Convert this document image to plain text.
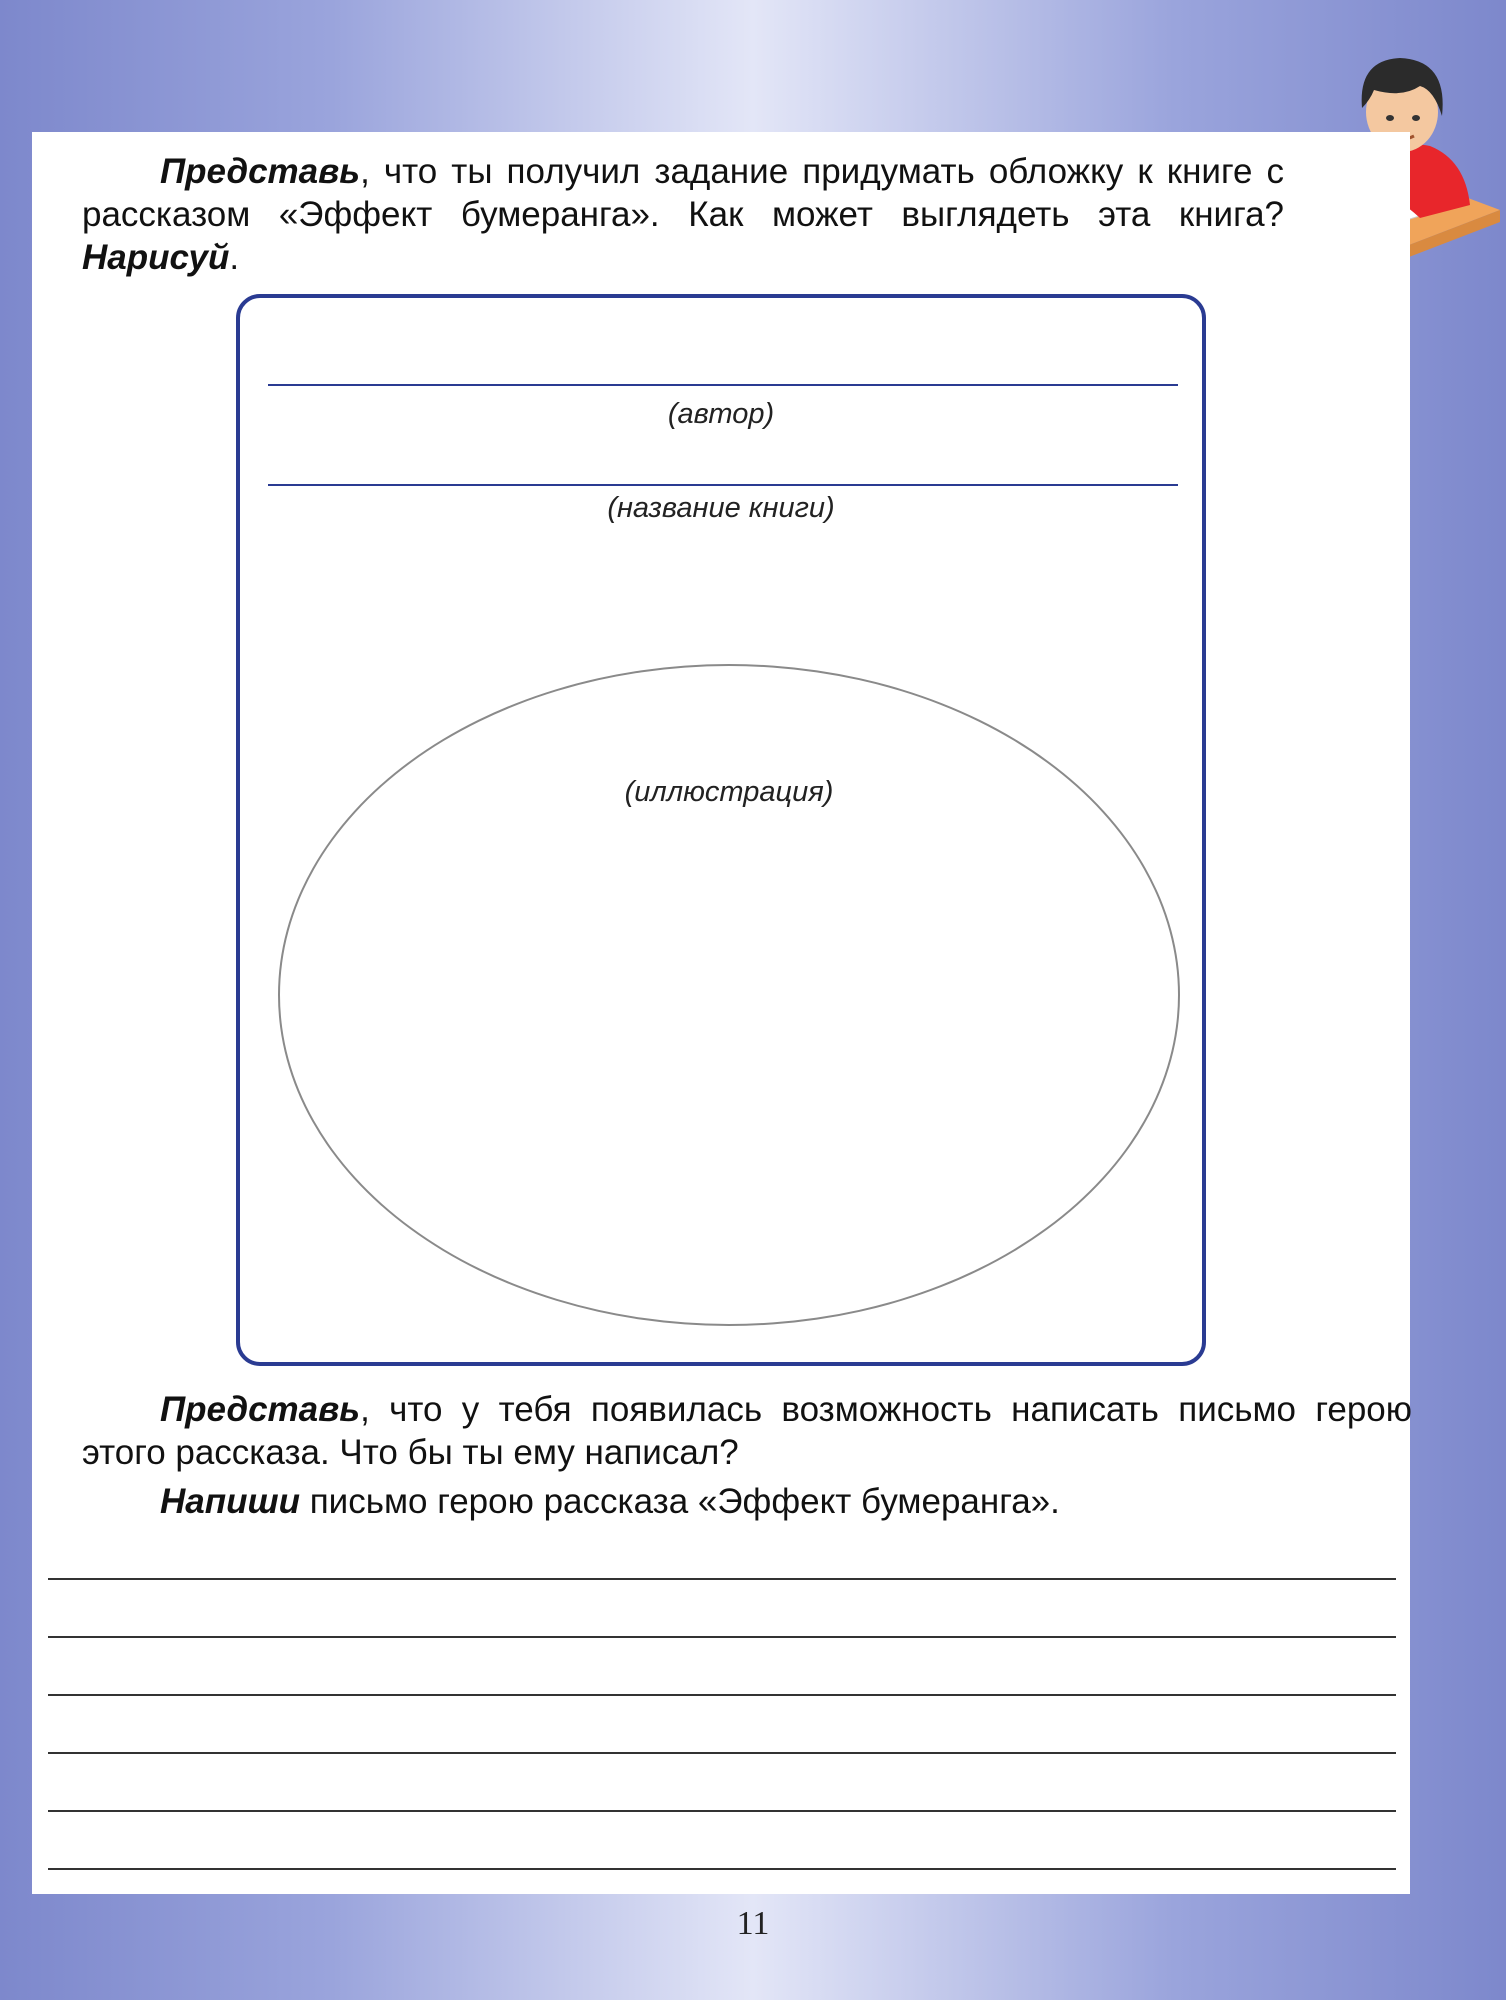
Представь, что ты получил задание придумать обложку к книге с рассказом «Эффект бумеранга». Как может выглядеть эта книга? Нарисуй.

(автор)
(название книги)
(иллюстрация)

Представь, что у тебя появилась возможность написать письмо герою этого рассказа. Что бы ты ему написал?

Напиши письмо герою рассказа «Эффект бумеранга».

11
